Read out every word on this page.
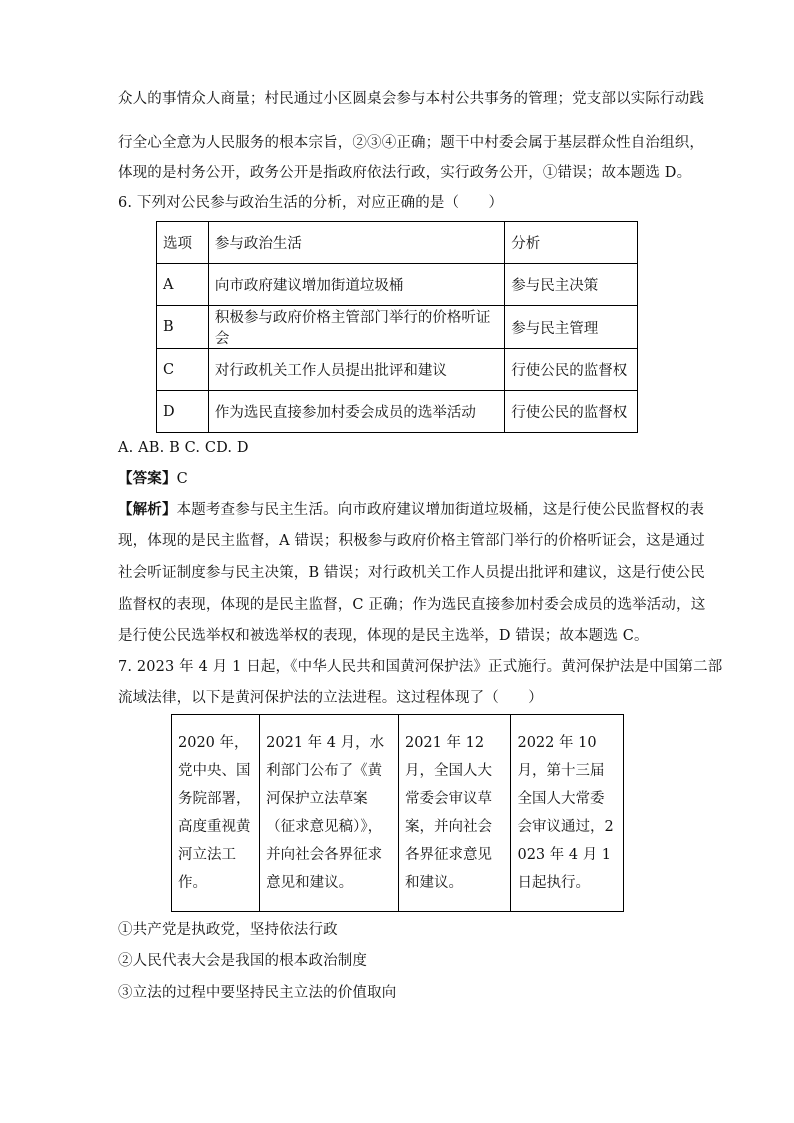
众人的事情众人商量；村民通过小区圆桌会参与本村公共事务的管理；党支部以实际行动践
行全心全意为人民服务的根本宗旨，②③④正确；题干中村委会属于基层群众性自治组织，
体现的是村务公开，政务公开是指政府依法行政，实行政务公开，①错误；故本题选 D。
6. 下列对公民参与政治生活的分析，对应正确的是（　　）
选项	参与政治生活	分析
A	向市政府建议增加街道垃圾桶	参与民主决策
B	积极参与政府价格主管部门举行的价格听证会	参与民主管理
C	对行政机关工作人员提出批评和建议	行使公民的监督权
D	作为选民直接参加村委会成员的选举活动	行使公民的监督权
A. AB. B C. CD. D
【答案】C
【解析】本题考查参与民主生活。向市政府建议增加街道垃圾桶，这是行使公民监督权的表
现，体现的是民主监督，A 错误；积极参与政府价格主管部门举行的价格听证会，这是通过
社会听证制度参与民主决策，B 错误；对行政机关工作人员提出批评和建议，这是行使公民
监督权的表现，体现的是民主监督，C 正确；作为选民直接参加村委会成员的选举活动，这
是行使公民选举权和被选举权的表现，体现的是民主选举，D 错误；故本题选 C。
7. 2023 年 4 月 1 日起，《中华人民共和国黄河保护法》正式施行。黄河保护法是中国第二部
流域法律，以下是黄河保护法的立法进程。这过程体现了（　　）
2020 年，党中央、国务院部署，高度重视黄河立法工作。	2021 年 4 月，水利部门公布了《黄河保护立法草案（征求意见稿）》，并向社会各界征求意见和建议。	2021 年 12 月，全国人大常委会审议草案，并向社会各界征求意见和建议。	2022 年 10 月，第十三届全国人大常委会审议通过，2023 年 4 月 1 日起执行。
①共产党是执政党，坚持依法行政
②人民代表大会是我国的根本政治制度
③立法的过程中要坚持民主立法的价值取向
